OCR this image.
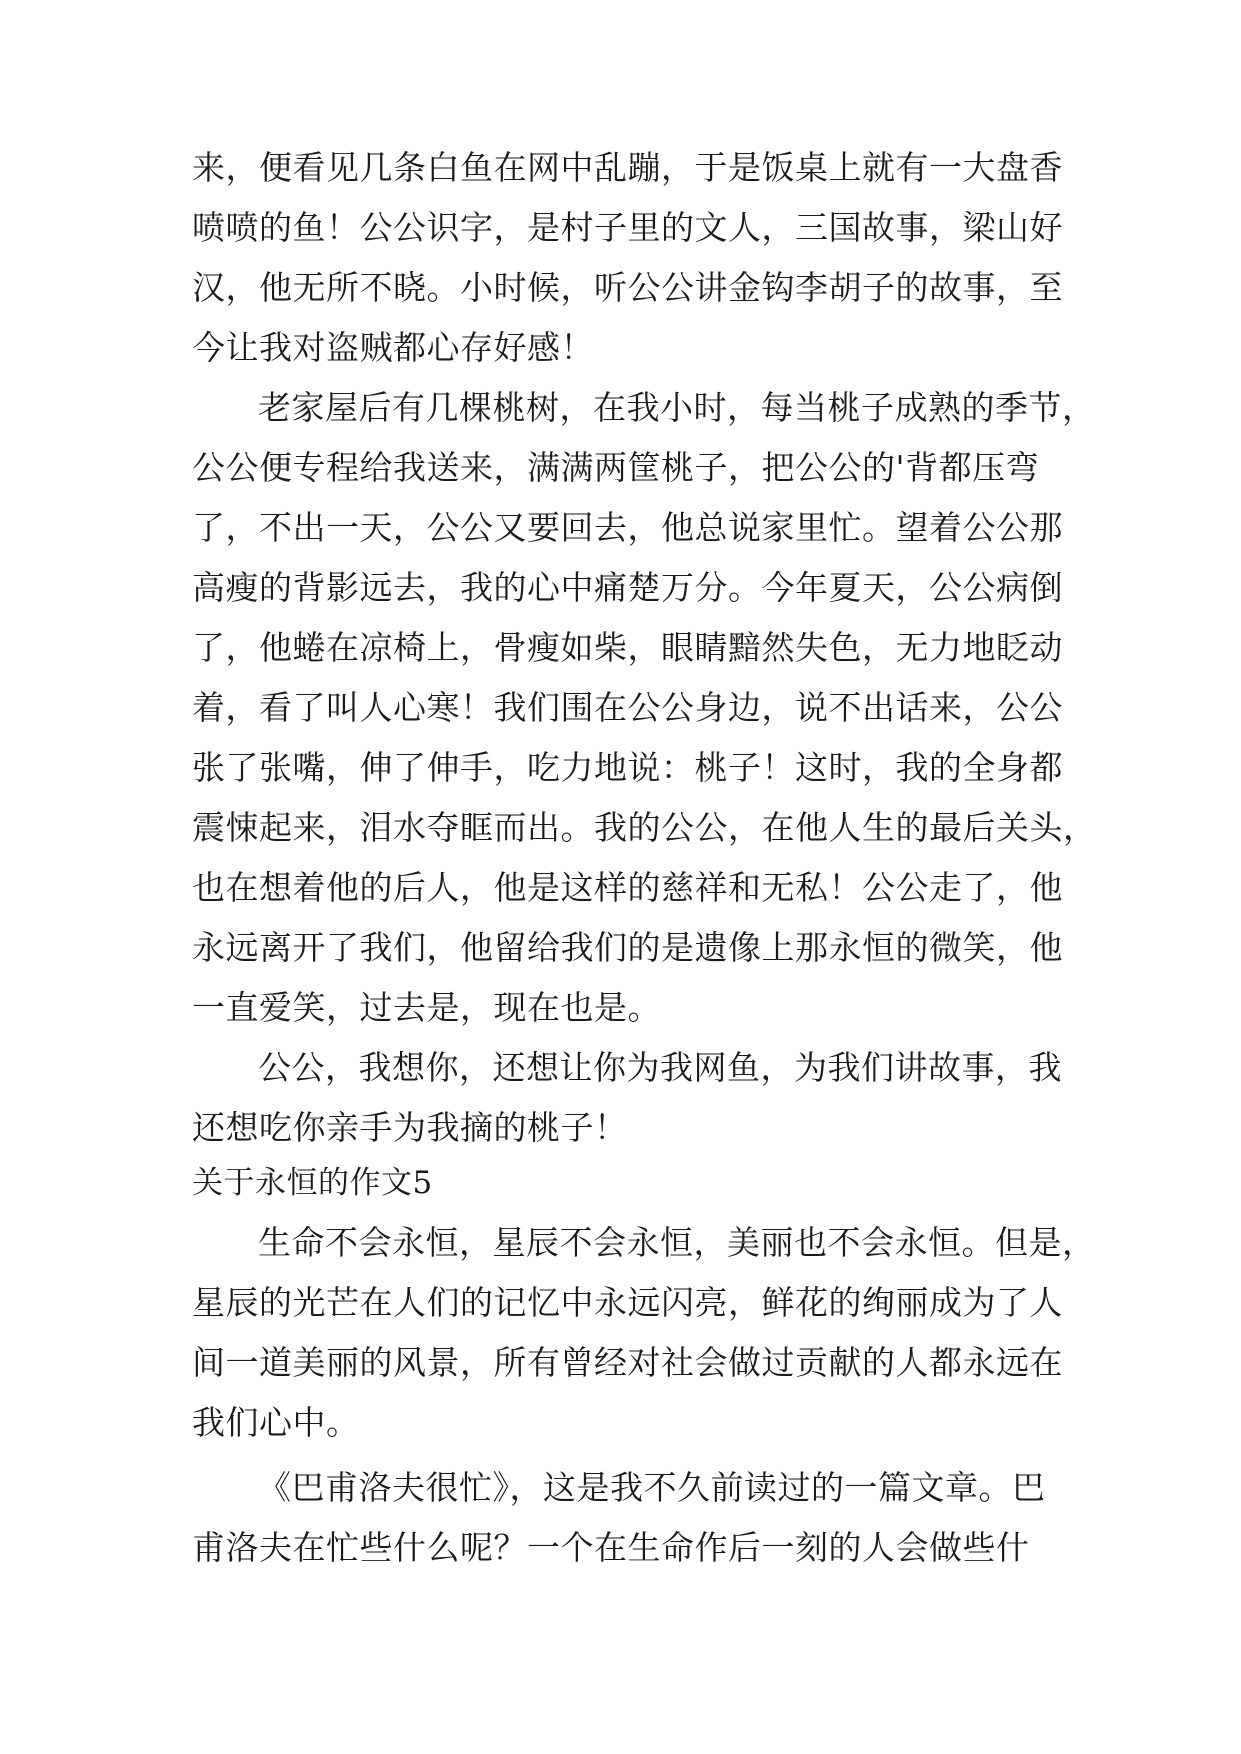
来，便看见几条白鱼在网中乱蹦，于是饭桌上就有一大盘香
喷喷的鱼！公公识字，是村子里的文人，三国故事，梁山好
汉，他无所不晓。小时候，听公公讲金钩李胡子的故事，至
今让我对盗贼都心存好感！
老家屋后有几棵桃树，在我小时，每当桃子成熟的季节，
公公便专程给我送来，满满两筐桃子，把公公的'背都压弯
了，不出一天，公公又要回去，他总说家里忙。望着公公那
高瘦的背影远去，我的心中痛楚万分。今年夏天，公公病倒
了，他蜷在凉椅上，骨瘦如柴，眼睛黯然失色，无力地眨动
着，看了叫人心寒！我们围在公公身边，说不出话来，公公
张了张嘴，伸了伸手，吃力地说：桃子！这时，我的全身都
震悚起来，泪水夺眶而出。我的公公，在他人生的最后关头，
也在想着他的后人，他是这样的慈祥和无私！公公走了，他
永远离开了我们，他留给我们的是遗像上那永恒的微笑，他
一直爱笑，过去是，现在也是。
公公，我想你，还想让你为我网鱼，为我们讲故事，我
还想吃你亲手为我摘的桃子！
关于永恒的作文5
生命不会永恒，星辰不会永恒，美丽也不会永恒。但是，
星辰的光芒在人们的记忆中永远闪亮，鲜花的绚丽成为了人
间一道美丽的风景，所有曾经对社会做过贡献的人都永远在
我们心中。
《巴甫洛夫很忙》，这是我不久前读过的一篇文章。巴
甫洛夫在忙些什么呢？一个在生命作后一刻的人会做些什
